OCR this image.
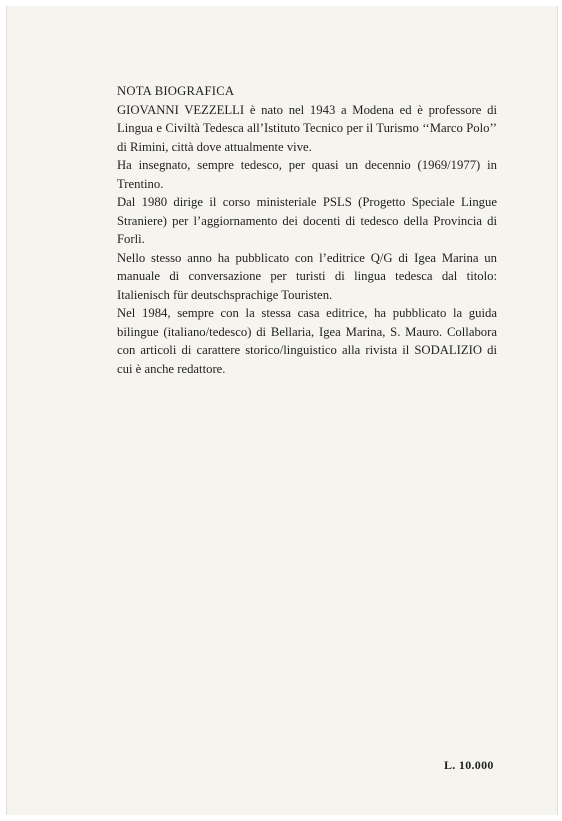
NOTA BIOGRAFICA

GIOVANNI VEZZELLI è nato nel 1943 a Modena ed è professore di Lingua e Civiltà Tedesca all’Istituto Tecnico per il Turismo ‘‘Marco Polo’’ di Rimini, città dove attualmente vive.

Ha insegnato, sempre tedesco, per quasi un decennio (1969/1977) in Trentino.

Dal 1980 dirige il corso ministeriale PSLS (Progetto Speciale Lingue Straniere) per l’aggiornamento dei docenti di tedesco della Provincia di Forlì.

Nello stesso anno ha pubblicato con l’editrice Q/G di Igea Marina un manuale di conversazione per turisti di lingua tedesca dal titolo: Italienisch für deutschsprachige Touristen.

Nel 1984, sempre con la stessa casa editrice, ha pubblicato la guida bilingue (italiano/tedesco) di Bellaria, Igea Marina, S. Mauro. Collabora con articoli di carattere storico/linguistico alla rivista il SODALIZIO di cui è anche redattore.

L. 10.000
